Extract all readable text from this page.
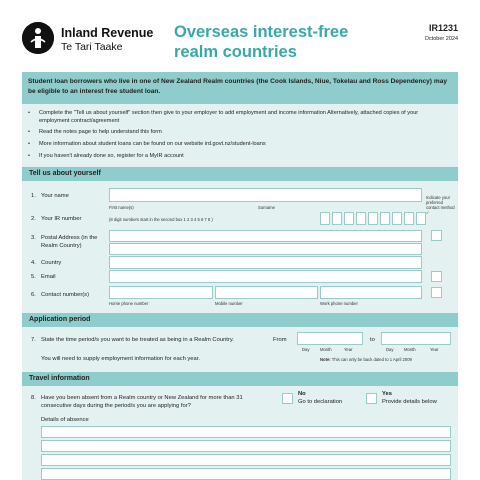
Inland Revenue
Te Tari Taake
Overseas interest-free
realm countries
IR1231
October 2024
Student loan borrowers who live in one of New Zealand Realm countries (the Cook Islands, Niue, Tokelau and Ross Dependency) may be eligible to an interest free student loan.
• Complete the "Tell us about yourself" section then give to your employer to add employment and income information Alternatively, attached copies of your employment contract/agreement
• Read the notes page to help understand this form
• More information about student loans can be found on our website ird.govt.nz/student-loans
• If you haven't already done so, register for a MyIR account
Tell us about yourself
1. Your name
First name(s)	Surname
Indicate your preferred contact method ✓
2. Your IR number	(8 digit numbers start in the second box 1 2 3 4 5 6 7 8 )
3. Postal Address (in the Realm Country)
4. Country
5. Email
6. Contact number(s)
Home phone number	Mobile number	Work phone number
Application period
7. State the time period/s you want to be treated as being in a Realm Country.	From	to
Day	Month	Year	Day	Month	Year
You will need to supply employment information for each year.	Note: This can only be back dated to 1 April 2009
Travel information
8. Have you been absent from a Realm country or New Zealand for more than 31 consecutive days during the period/s you are applying for?
No
Go to declaration
Yes
Provide details below
Details of absence
